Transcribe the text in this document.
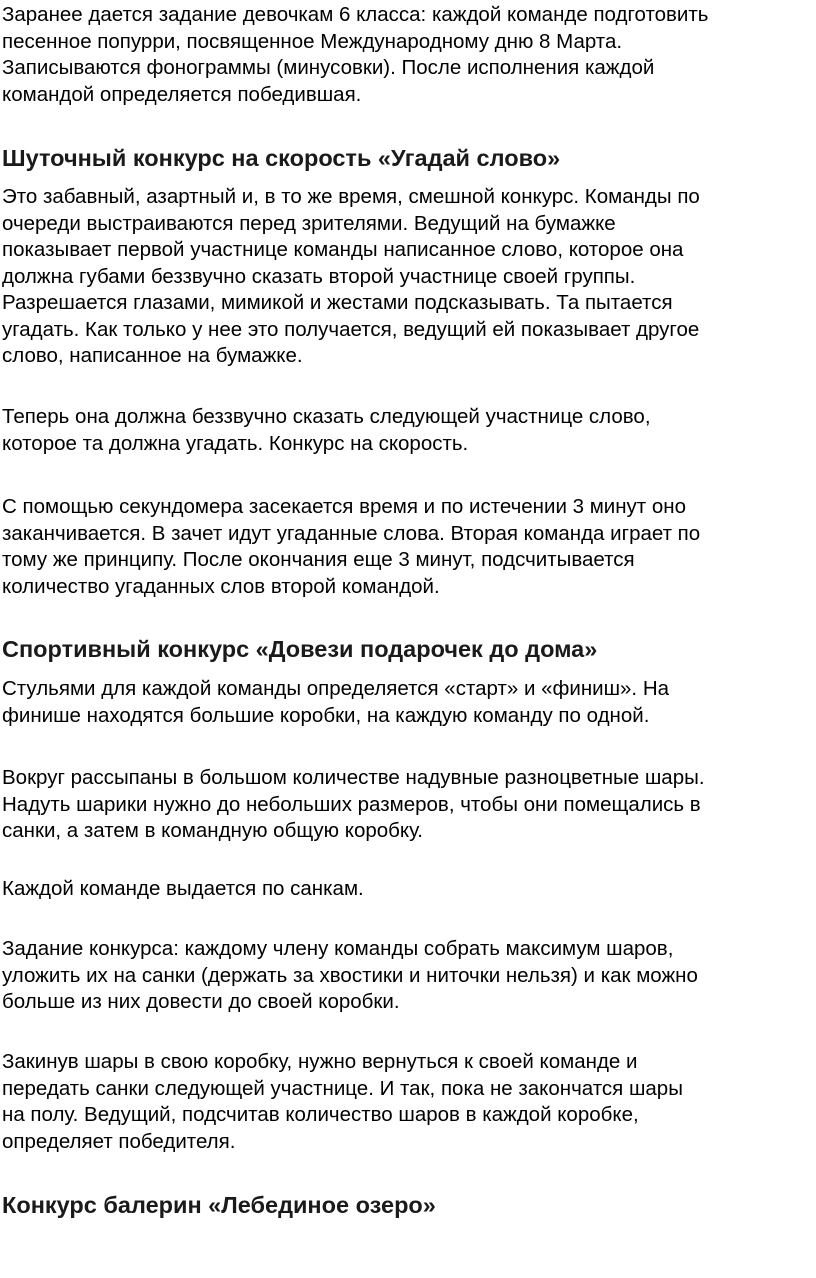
Заранее дается задание девочкам 6 класса: каждой команде подготовить
песенное попурри, посвященное Международному дню 8 Марта.
Записываются фонограммы (минусовки). После исполнения каждой
командой определяется победившая.

Шуточный конкурс на скорость «Угадай слово»

Это забавный, азартный и, в то же время, смешной конкурс. Команды по
очереди выстраиваются перед зрителями. Ведущий на бумажке
показывает первой участнице команды написанное слово, которое она
должна губами беззвучно сказать второй участнице своей группы.
Разрешается глазами, мимикой и жестами подсказывать. Та пытается
угадать. Как только у нее это получается, ведущий ей показывает другое
слово, написанное на бумажке.

Теперь она должна беззвучно сказать следующей участнице слово,
которое та должна угадать. Конкурс на скорость.

С помощью секундомера засекается время и по истечении 3 минут оно
заканчивается. В зачет идут угаданные слова. Вторая команда играет по
тому же принципу. После окончания еще 3 минут, подсчитывается
количество угаданных слов второй командой.

Спортивный конкурс «Довези подарочек до дома»

Стульями для каждой команды определяется «старт» и «финиш». На
финише находятся большие коробки, на каждую команду по одной.

Вокруг рассыпаны в большом количестве надувные разноцветные шары.
Надуть шарики нужно до небольших размеров, чтобы они помещались в
санки, а затем в командную общую коробку.

Каждой команде выдается по санкам.

Задание конкурса: каждому члену команды собрать максимум шаров,
уложить их на санки (держать за хвостики и ниточки нельзя) и как можно
больше из них довести до своей коробки.

Закинув шары в свою коробку, нужно вернуться к своей команде и
передать санки следующей участнице. И так, пока не закончатся шары
на полу. Ведущий, подсчитав количество шаров в каждой коробке,
определяет победителя.

Конкурс балерин «Лебединое озеро»
